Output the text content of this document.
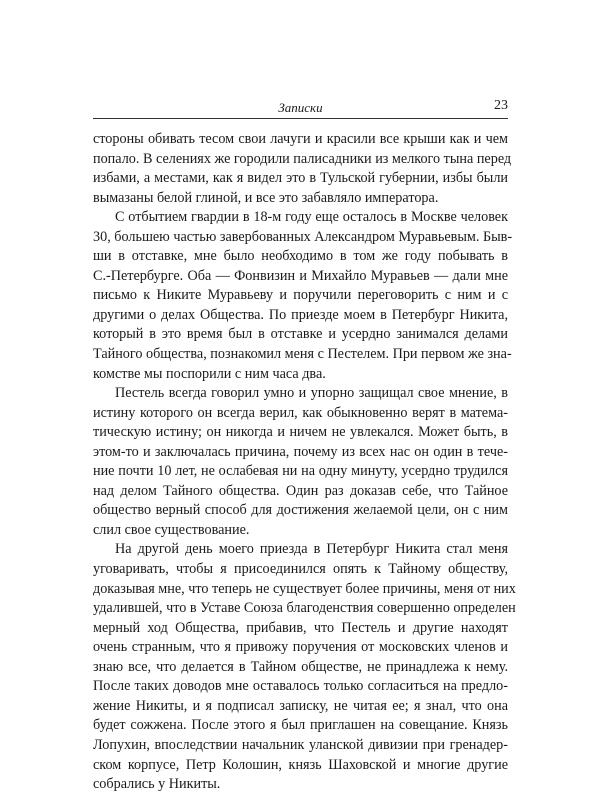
Записки	23
стороны обивать тесом свои лачуги и красили все крыши как и чем
попало. В селениях же городили палисадники из мелкого тына перед
избами, а местами, как я видел это в Тульской губернии, избы были
вымазаны белой глиной, и все это забавляло императора.
С отбытием гвардии в 18-м году еще осталось в Москве человек
30, большею частью завербованных Александром Муравьевым. Быв-
ши в отставке, мне было необходимо в том же году побывать в
С.-Петербурге. Оба — Фонвизин и Михайло Муравьев — дали мне
письмо к Никите Муравьеву и поручили переговорить с ним и с
другими о делах Общества. По приезде моем в Петербург Никита,
который в это время был в отставке и усердно занимался делами
Тайного общества, познакомил меня с Пестелем. При первом же зна-
комстве мы поспорили с ним часа два.
Пестель всегда говорил умно и упорно защищал свое мнение, в
истину которого он всегда верил, как обыкновенно верят в матема-
тическую истину; он никогда и ничем не увлекался. Может быть, в
этом-то и заключалась причина, почему из всех нас он один в тече-
ние почти 10 лет, не ослабевая ни на одну минуту, усердно трудился
над делом Тайного общества. Один раз доказав себе, что Тайное
общество верный способ для достижения желаемой цели, он с ним
слил свое существование.
На другой день моего приезда в Петербург Никита стал меня
уговаривать, чтобы я присоединился опять к Тайному обществу,
доказывая мне, что теперь не существует более причины, меня от них
удалившей, что в Уставе Союза благоденствия совершенно определен
мерный ход Общества, прибавив, что Пестель и другие находят
очень странным, что я привожу поручения от московских членов и
знаю все, что делается в Тайном обществе, не принадлежа к нему.
После таких доводов мне оставалось только согласиться на предло-
жение Никиты, и я подписал записку, не читая ее; я знал, что она
будет сожжена. После этого я был приглашен на совещание. Князь
Лопухин, впоследствии начальник уланской дивизии при гренадер-
ском корпусе, Петр Колошин, князь Шаховской и многие другие
собрались у Никиты.
